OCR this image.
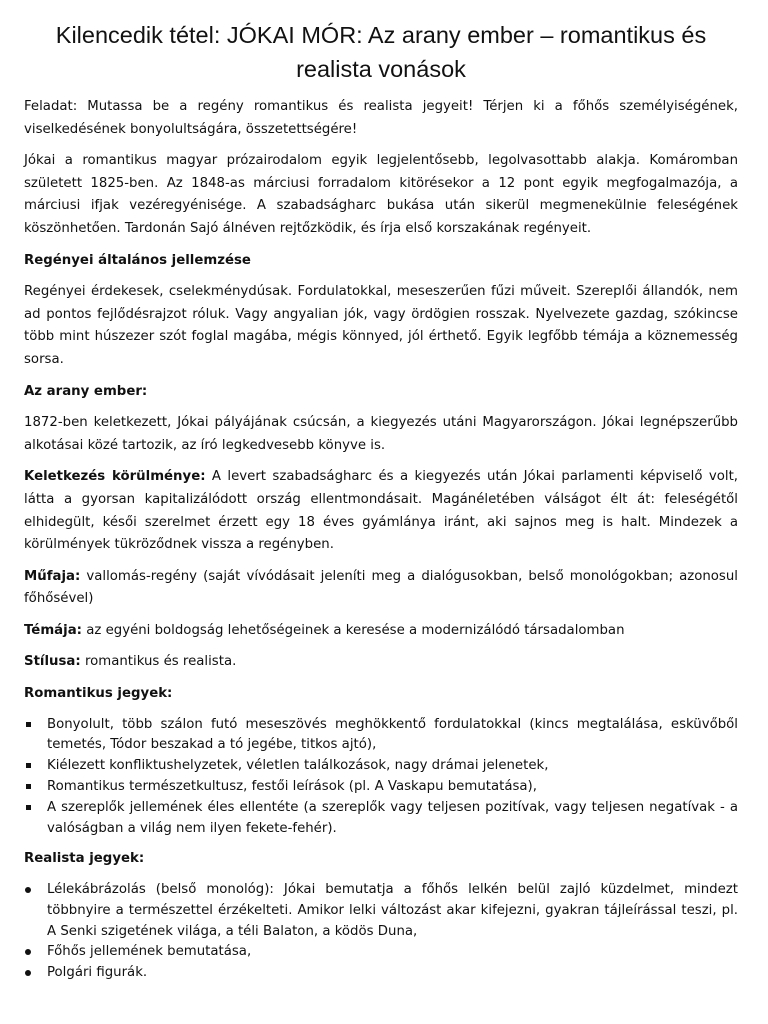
Kilencedik tétel: JÓKAI MÓR: Az arany ember – romantikus és realista vonások

Feladat: Mutassa be a regény romantikus és realista jegyeit! Térjen ki a főhős személyiségének, viselkedésének bonyolultságára, összetettségére!

Jókai a romantikus magyar prózairodalom egyik legjelentősebb, legolvasottabb alakja. Komáromban született 1825-ben. Az 1848-as márciusi forradalom kitörésekor a 12 pont egyik megfogalmazója, a márciusi ifjak vezéregyénisége. A szabadságharc bukása után sikerül megmenekülnie feleségének köszönhetően. Tardonán Sajó álnéven rejtőzködik, és írja első korszakának regényeit.

Regényei általános jellemzése

Regényei érdekesek, cselekménydúsak. Fordulatokkal, meseszerűen fűzi műveit. Szereplői állandók, nem ad pontos fejlődésrajzot róluk. Vagy angyalian jók, vagy ördögien rosszak. Nyelvezete gazdag, szókincse több mint húszezer szót foglal magába, mégis könnyed, jól érthető. Egyik legfőbb témája a köznemesség sorsa.

Az arany ember:

1872-ben keletkezett, Jókai pályájának csúcsán, a kiegyezés utáni Magyarországon. Jókai legnépszerűbb alkotásai közé tartozik, az író legkedvesebb könyve is.

Keletkezés körülménye: A levert szabadságharc és a kiegyezés után Jókai parlamenti képviselő volt, látta a gyorsan kapitalizálódott ország ellentmondásait. Magánéletében válságot élt át: feleségétől elhidegült, késői szerelmet érzett egy 18 éves gyámlánya iránt, aki sajnos meg is halt. Mindezek a körülmények tükröződnek vissza a regényben.

Műfaja: vallomás-regény (saját vívódásait jeleníti meg a dialógusokban, belső monológokban; azonosul főhősével)

Témája: az egyéni boldogság lehetőségeinek a keresése a modernizálódó társadalomban

Stílusa: romantikus és realista.

Romantikus jegyek:

Bonyolult, több szálon futó meseszövés meghökkentő fordulatokkal (kincs megtalálása, esküvőből temetés, Tódor beszakad a tó jegébe, titkos ajtó),
Kiélezett konfliktushelyzetek, véletlen találkozások, nagy drámai jelenetek,
Romantikus természetkultusz, festői leírások (pl. A Vaskapu bemutatása),
A szereplők jellemének éles ellentéte (a szereplők vagy teljesen pozitívak, vagy teljesen negatívak - a valóságban a világ nem ilyen fekete-fehér).

Realista jegyek:

Lélekábrázolás (belső monológ): Jókai bemutatja a főhős lelkén belül zajló küzdelmet, mindezt többnyire a természettel érzékelteti. Amikor lelki változást akar kifejezni, gyakran tájleírással teszi, pl. A Senki szigetének világa, a téli Balaton, a ködös Duna,
Főhős jellemének bemutatása,
Polgári figurák.
